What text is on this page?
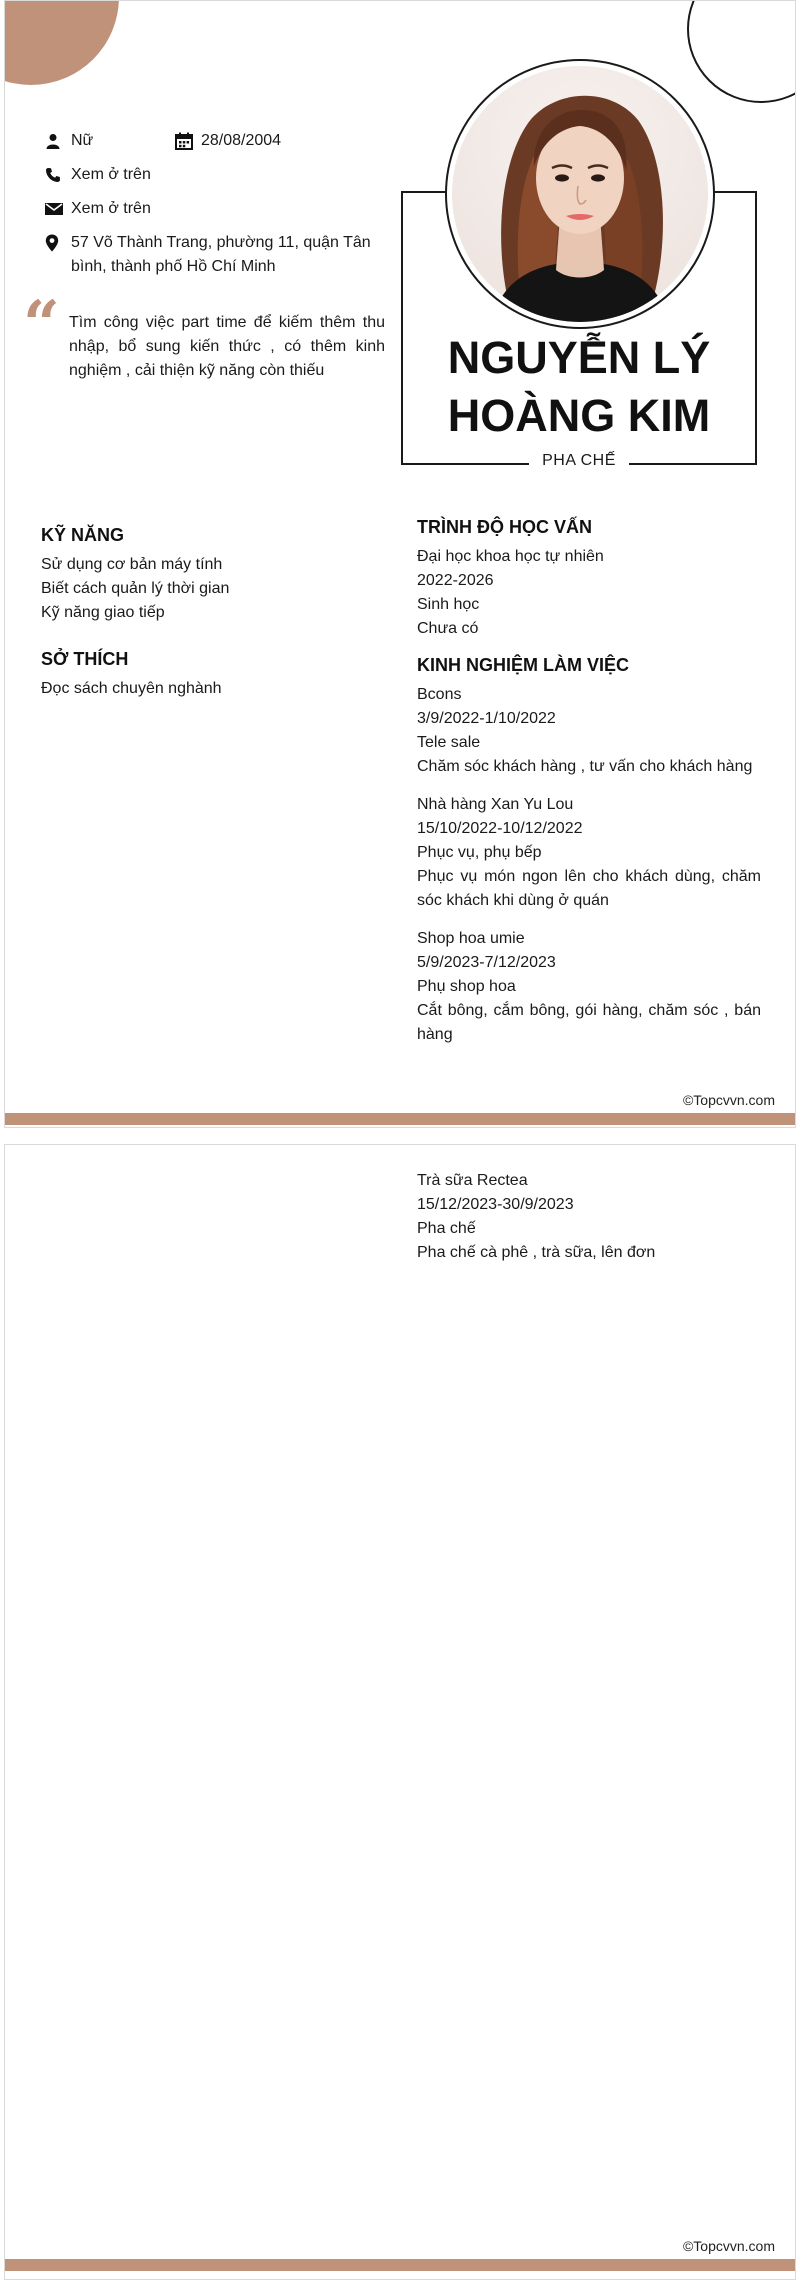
Nữ	28/08/2004
Xem ở trên
Xem ở trên
57 Võ Thành Trang, phường 11, quận Tân bình, thành phố Hồ Chí Minh
“ Tìm công việc part time để kiếm thêm thu nhập, bổ sung kiến thức , có thêm kinh nghiệm , cải thiện kỹ năng còn thiếu	NGUYỄN LÝ HOÀNG KIM
PHA CHẾ
KỸ NĂNG
Sử dụng cơ bản máy tính
Biết cách quản lý thời gian
Kỹ năng giao tiếp
SỞ THÍCH
Đọc sách chuyên nghành
TRÌNH ĐỘ HỌC VẤN
Đại học khoa học tự nhiên
2022-2026
Sinh học
Chưa có
KINH NGHIỆM LÀM VIỆC
Bcons
3/9/2022-1/10/2022
Tele sale
Chăm sóc khách hàng , tư vấn cho khách hàng
Nhà hàng Xan Yu Lou
15/10/2022-10/12/2022
Phục vụ, phụ bếp
Phục vụ món ngon lên cho khách dùng, chăm sóc khách khi dùng ở quán
Shop hoa umie
5/9/2023-7/12/2023
Phụ shop hoa
Cắt bông, cắm bông, gói hàng, chăm sóc , bán hàng
©Topcvvn.com
Trà sữa Rectea
15/12/2023-30/9/2023
Pha chế
Pha chế cà phê , trà sữa, lên đơn
©Topcvvn.com
